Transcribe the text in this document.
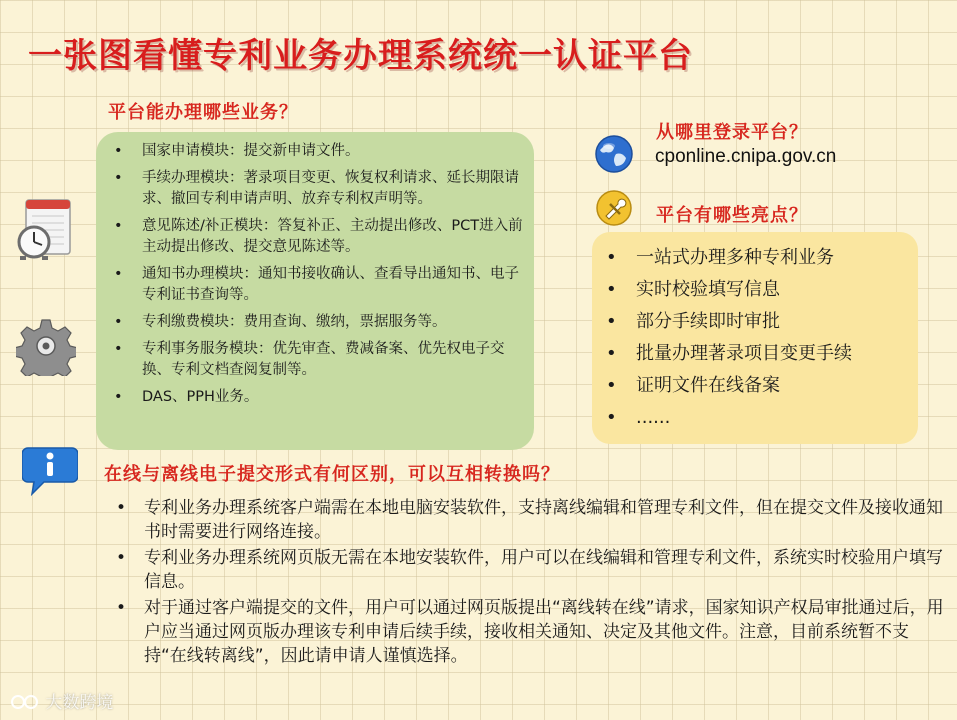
一张图看懂专利业务办理系统统一认证平台
平台能办理哪些业务？
• 国家申请模块：提交新申请文件。
• 手续办理模块：著录项目变更、恢复权利请求、延长期限请求、撤回专利申请声明、放弃专利权声明等。
• 意见陈述/补正模块：答复补正、主动提出修改、PCT进入前主动提出修改、提交意见陈述等。
• 通知书办理模块：通知书接收确认、查看导出通知书、电子专利证书查询等。
• 专利缴费模块：费用查询、缴纳，票据服务等。
• 专利事务服务模块：优先审查、费减备案、优先权电子交换、专利文档查阅复制等。
• DAS、PPH业务。
从哪里登录平台？
cponline.cnipa.gov.cn
平台有哪些亮点？
• 一站式办理多种专利业务
• 实时校验填写信息
• 部分手续即时审批
• 批量办理著录项目变更手续
• 证明文件在线备案
• ......
在线与离线电子提交形式有何区别，可以互相转换吗？
• 专利业务办理系统客户端需在本地电脑安装软件，支持离线编辑和管理专利文件，但在提交文件及接收通知书时需要进行网络连接。
• 专利业务办理系统网页版无需在本地安装软件，用户可以在线编辑和管理专利文件，系统实时校验用户填写信息。
• 对于通过客户端提交的文件，用户可以通过网页版提出“离线转在线”请求，国家知识产权局审批通过后，用户应当通过网页版办理该专利申请后续手续，接收相关通知、决定及其他文件。注意，目前系统暂不支持“在线转离线”，因此请申请人谨慎选择。
大数跨境
